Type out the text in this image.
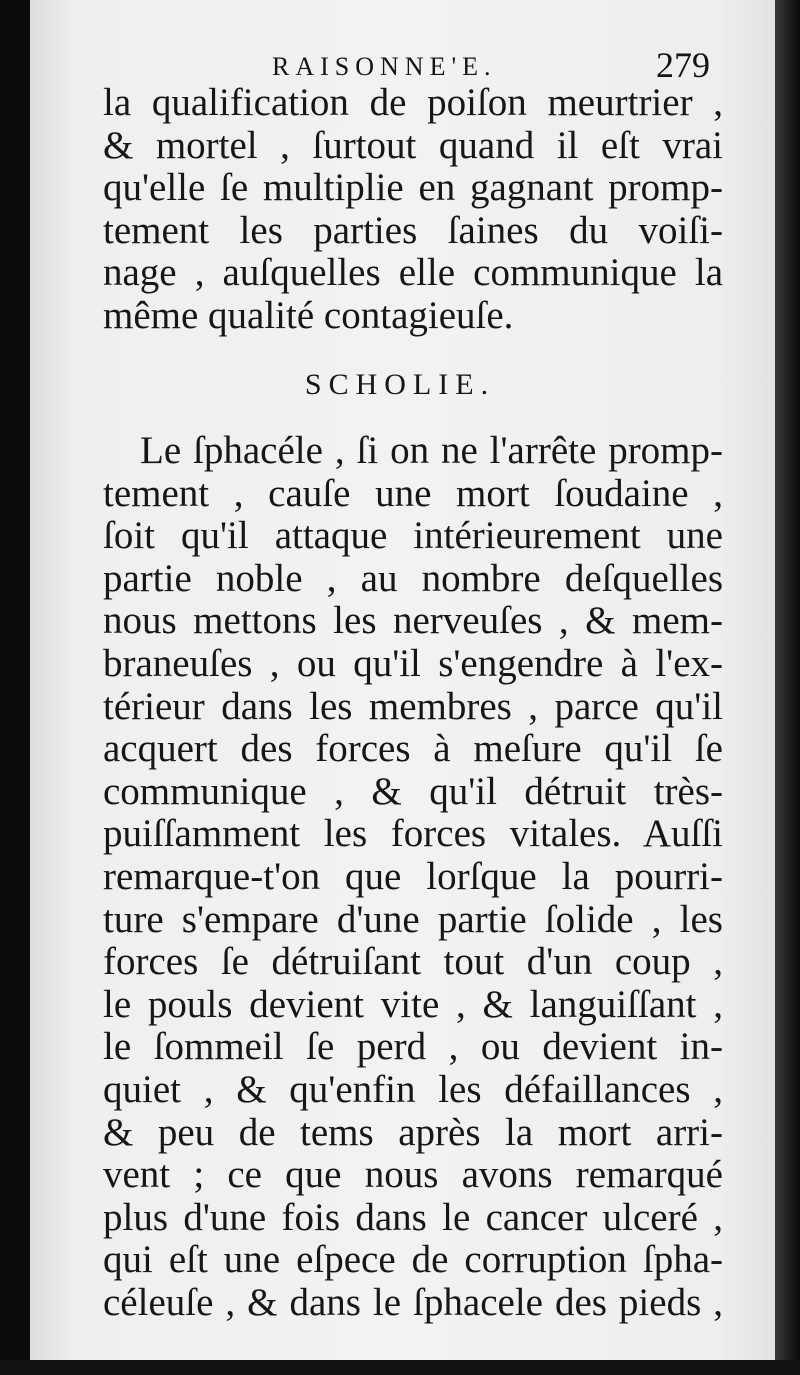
RAISONNE'E.	279
la qualification de poiſon meurtrier ,
& mortel , ſurtout quand il eſt vrai
qu'elle ſe multiplie en gagnant promp-
tement les parties ſaines du voiſi-
nage , auſquelles elle communique la
même qualité contagieuſe.
SCHOLIE.
Le ſphacéle , ſi on ne l'arrête promp-
tement , cauſe une mort ſoudaine ,
ſoit qu'il attaque intérieurement une
partie noble , au nombre deſquelles
nous mettons les nerveuſes , & mem-
braneuſes , ou qu'il s'engendre à l'ex-
térieur dans les membres , parce qu'il
acquert des forces à meſure qu'il ſe
communique , & qu'il détruit très-
puiſſamment les forces vitales. Auſſi
remarque-t'on que lorſque la pourri-
ture s'empare d'une partie ſolide , les
forces ſe détruiſant tout d'un coup ,
le pouls devient vite , & languiſſant ,
le ſommeil ſe perd , ou devient in-
quiet , & qu'enfin les défaillances ,
& peu de tems après la mort arri-
vent ; ce que nous avons remarqué
plus d'une fois dans le cancer ulceré ,
qui eſt une eſpece de corruption ſpha-
céleuſe , & dans le ſphacele des pieds ,
